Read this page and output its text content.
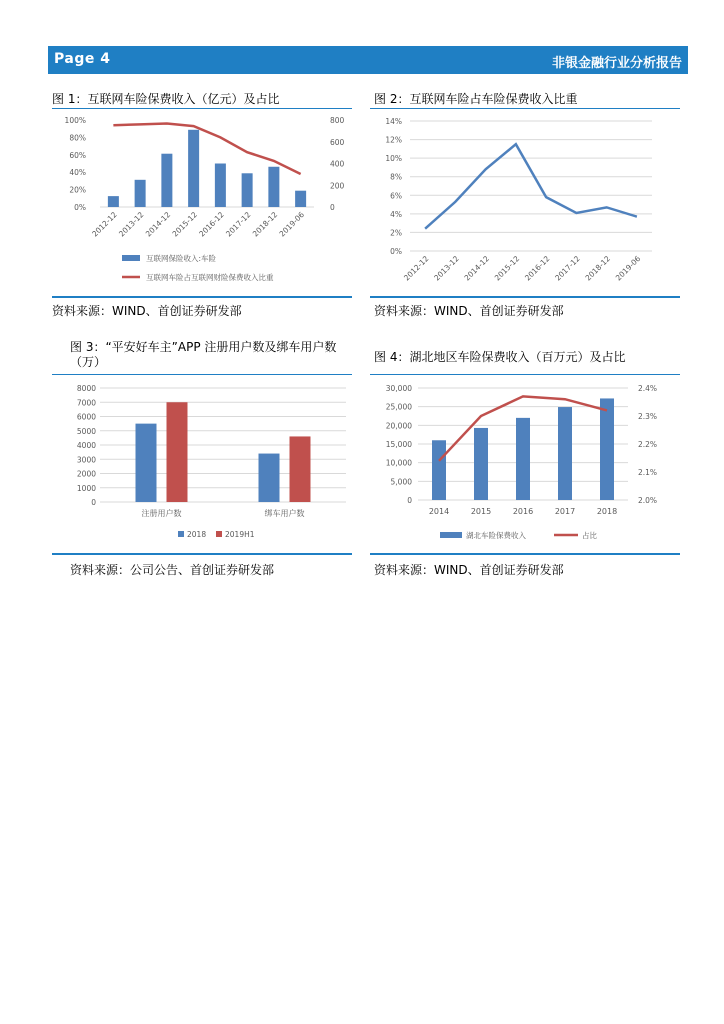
Page 4	非银金融行业分析报告
图 1：互联网车险保费收入（亿元）及占比
0%
20%
40%
60%
80%
100%
0
200
400
600
800
2012-12
2013-12
2014-12
2015-12
2016-12
2017-12
2018-12
2019-06
互联网保险收入:车险
互联网车险占互联网财险保费收入比重
资料来源：WIND、首创证券研发部
图 2：互联网车险占车险保费收入比重
0%
2%
4%
6%
8%
10%
12%
14%
2012-12 2013-12 2014-12 2015-12 2016-12 2017-12 2018-12 2019-06
资料来源：WIND、首创证券研发部
图 3：“平安好车主”APP 注册用户数及绑车用户数（万）
0
1000
2000
3000
4000
5000
6000
7000
8000
注册用户数	绑车用户数
2018	2019H1
资料来源：公司公告、首创证券研发部
图 4：湖北地区车险保费收入（百万元）及占比
0
5,000
10,000
15,000
20,000
25,000
30,000
2.0%
2.1%
2.2%
2.3%
2.4%
2014	2015	2016	2017	2018
湖北车险保费收入	占比
资料来源：WIND、首创证券研发部
